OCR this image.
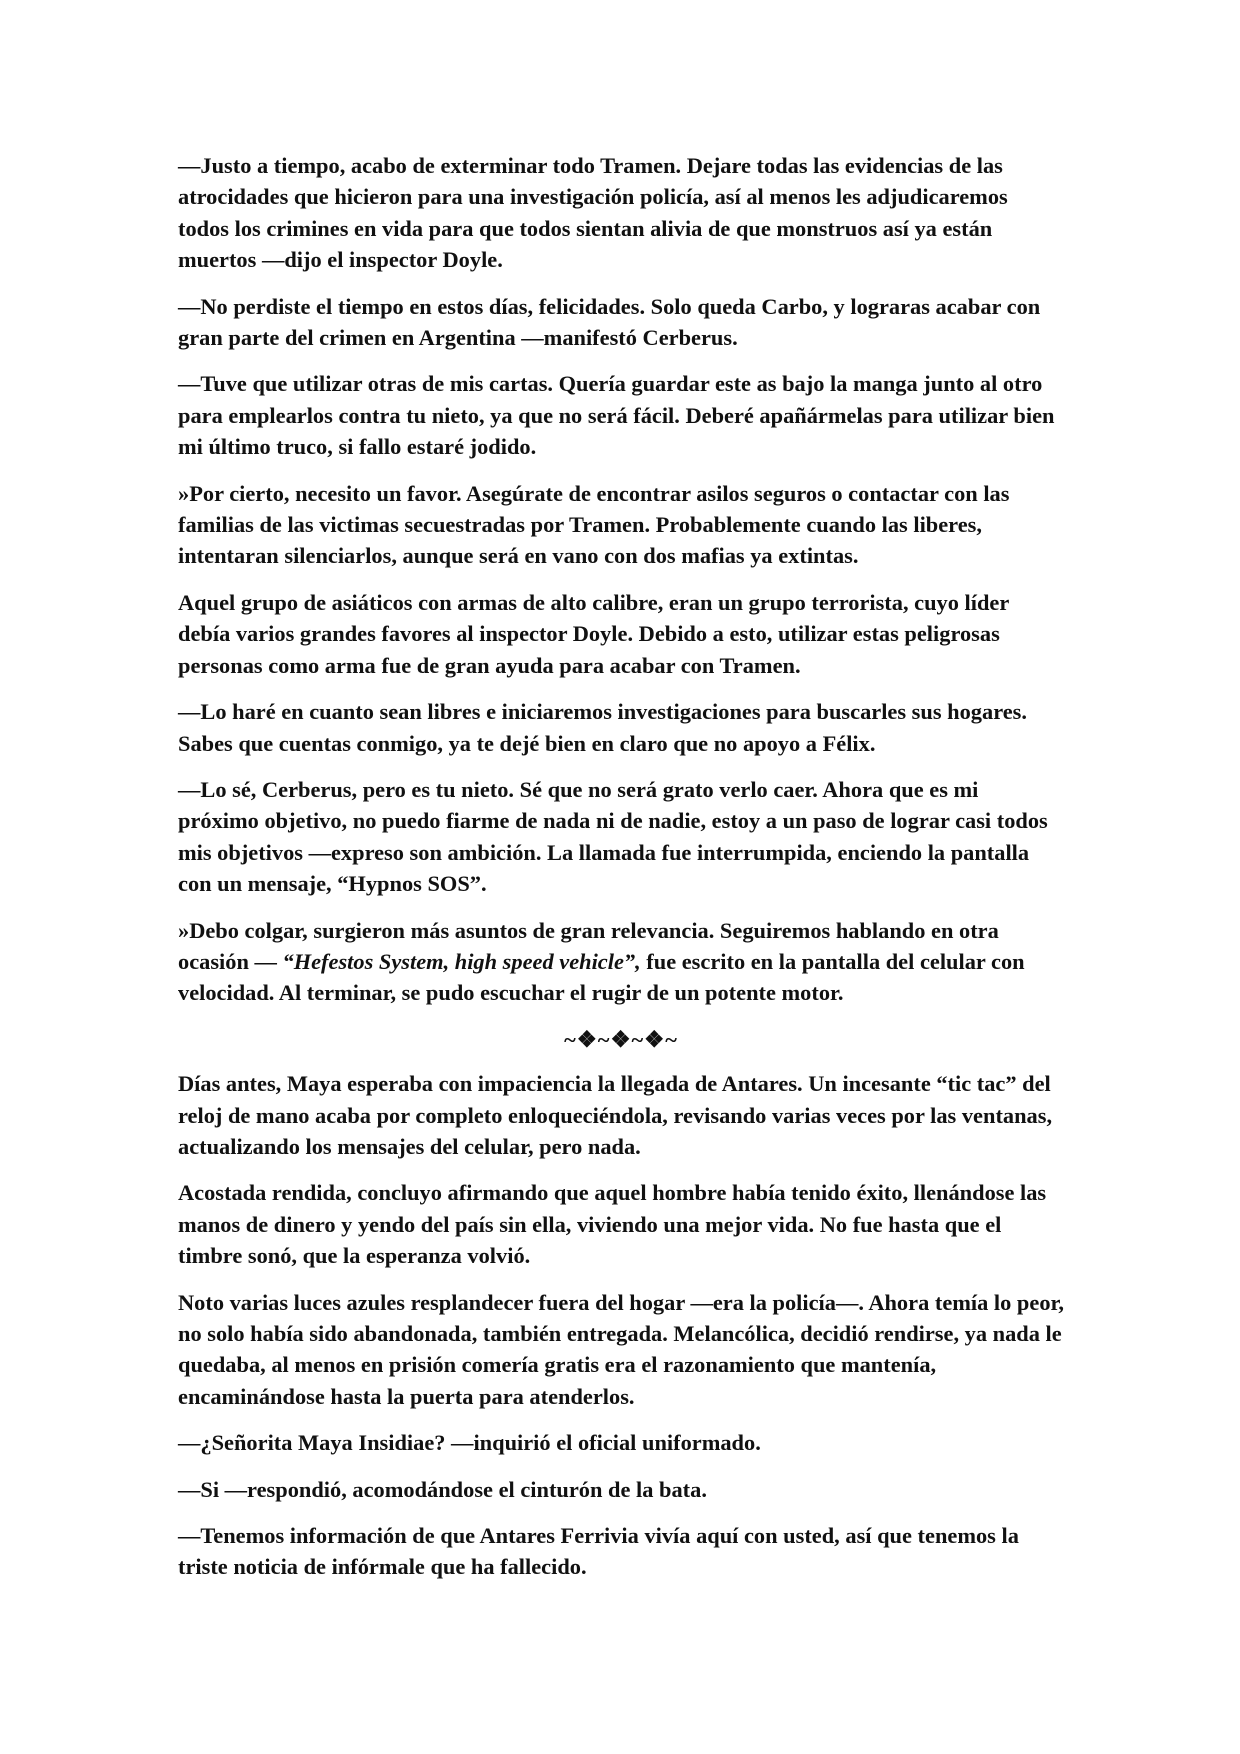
—Justo a tiempo, acabo de exterminar todo Tramen. Dejare todas las evidencias de las atrocidades que hicieron para una investigación policía, así al menos les adjudicaremos todos los crimines en vida para que todos sientan alivia de que monstruos así ya están muertos —dijo el inspector Doyle.

—No perdiste el tiempo en estos días, felicidades. Solo queda Carbo, y lograras acabar con gran parte del crimen en Argentina —manifestó Cerberus.

—Tuve que utilizar otras de mis cartas. Quería guardar este as bajo la manga junto al otro para emplearlos contra tu nieto, ya que no será fácil. Deberé apañármelas para utilizar bien mi último truco, si fallo estaré jodido.

»Por cierto, necesito un favor. Asegúrate de encontrar asilos seguros o contactar con las familias de las victimas secuestradas por Tramen. Probablemente cuando las liberes, intentaran silenciarlos, aunque será en vano con dos mafias ya extintas.

Aquel grupo de asiáticos con armas de alto calibre, eran un grupo terrorista, cuyo líder debía varios grandes favores al inspector Doyle. Debido a esto, utilizar estas peligrosas personas como arma fue de gran ayuda para acabar con Tramen.

—Lo haré en cuanto sean libres e iniciaremos investigaciones para buscarles sus hogares. Sabes que cuentas conmigo, ya te dejé bien en claro que no apoyo a Félix.

—Lo sé, Cerberus, pero es tu nieto. Sé que no será grato verlo caer. Ahora que es mi próximo objetivo, no puedo fiarme de nada ni de nadie, estoy a un paso de lograr casi todos mis objetivos —expreso son ambición. La llamada fue interrumpida, enciendo la pantalla con un mensaje, “Hypnos SOS”.

»Debo colgar, surgieron más asuntos de gran relevancia. Seguiremos hablando en otra ocasión — “Hefestos System, high speed vehicle”, fue escrito en la pantalla del celular con velocidad. Al terminar, se pudo escuchar el rugir de un potente motor.

~❖~❖~❖~

Días antes, Maya esperaba con impaciencia la llegada de Antares. Un incesante “tic tac” del reloj de mano acaba por completo enloqueciéndola, revisando varias veces por las ventanas, actualizando los mensajes del celular, pero nada.

Acostada rendida, concluyo afirmando que aquel hombre había tenido éxito, llenándose las manos de dinero y yendo del país sin ella, viviendo una mejor vida. No fue hasta que el timbre sonó, que la esperanza volvió.

Noto varias luces azules resplandecer fuera del hogar —era la policía—. Ahora temía lo peor, no solo había sido abandonada, también entregada. Melancólica, decidió rendirse, ya nada le quedaba, al menos en prisión comería gratis era el razonamiento que mantenía, encaminándose hasta la puerta para atenderlos.

—¿Señorita Maya Insidiae? —inquirió el oficial uniformado.

—Si —respondió, acomodándose el cinturón de la bata.

—Tenemos información de que Antares Ferrivia vivía aquí con usted, así que tenemos la triste noticia de infórmale que ha fallecido.
